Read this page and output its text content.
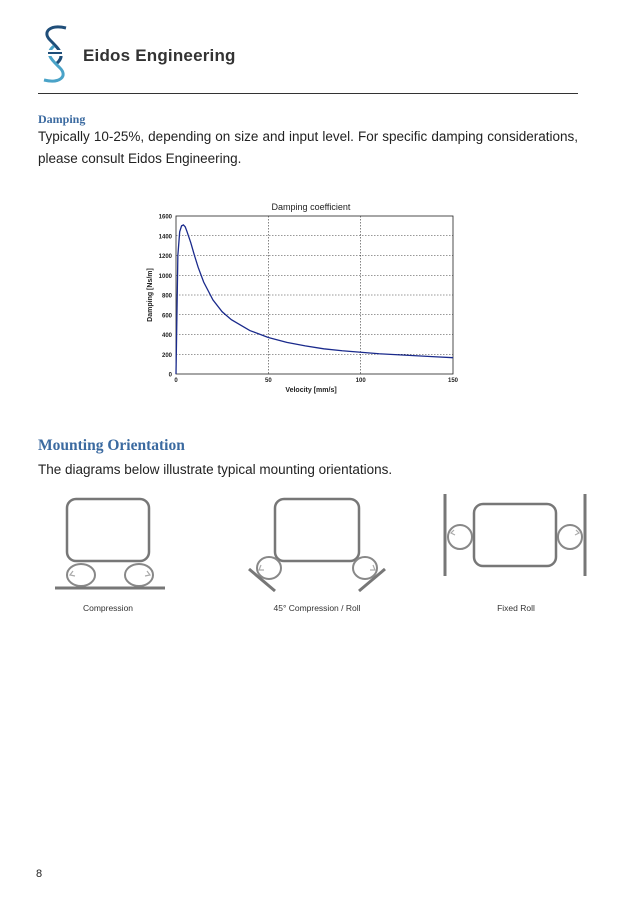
Eidos Engineering
Damping
Typically 10-25%, depending on size and input level. For specific damping considerations, please consult Eidos Engineering.
Damping coefficient
0
200
400
600
800
1000
1200
1400
1600
0	50	100	150
Velocity [mm/s]
Damping [Ns/m]
Mounting Orientation
The diagrams below illustrate typical mounting orientations.
Compression	45° Compression / Roll	Fixed Roll
8
